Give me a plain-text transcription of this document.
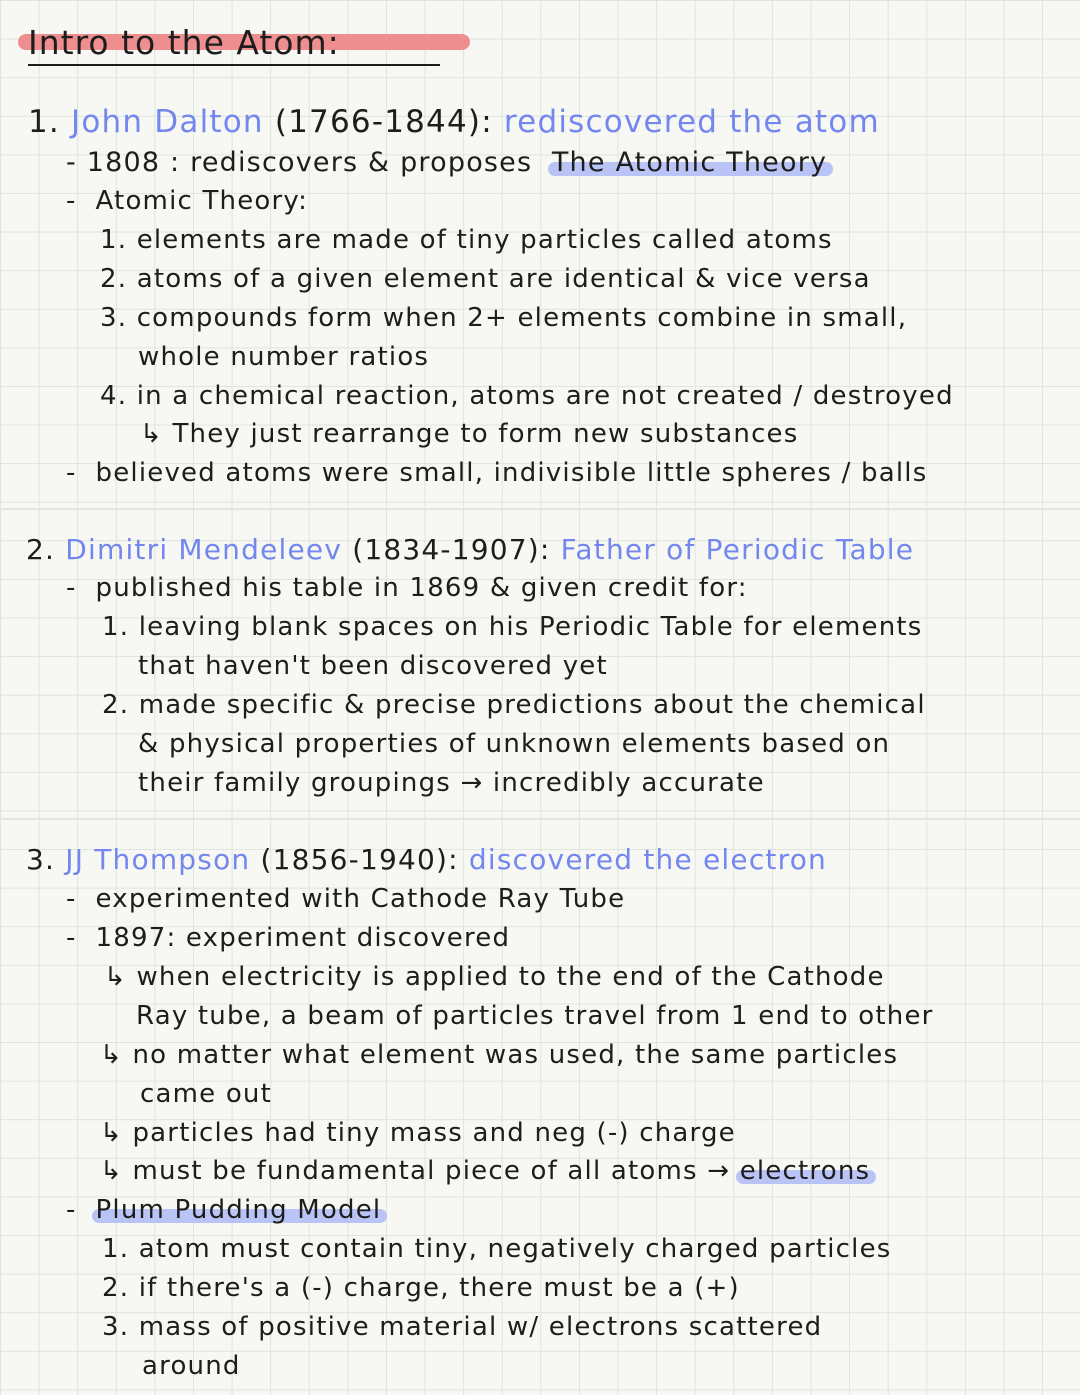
Intro to the Atom:
1. John Dalton (1766-1844): rediscovered the atom
- 1808 : rediscovers & proposes The Atomic Theory
- Atomic Theory:
1. elements are made of tiny particles called atoms
2. atoms of a given element are identical & vice versa
3. compounds form when 2+ elements combine in small,
whole number ratios
4. in a chemical reaction, atoms are not created / destroyed
↳ They just rearrange to form new substances
- believed atoms were small, indivisible little spheres / balls
2. Dimitri Mendeleev (1834-1907): Father of Periodic Table
- published his table in 1869 & given credit for:
1. leaving blank spaces on his Periodic Table for elements
that haven't been discovered yet
2. made specific & precise predictions about the chemical
& physical properties of unknown elements based on
their family groupings → incredibly accurate
3. JJ Thompson (1856-1940): discovered the electron
- experimented with Cathode Ray Tube
- 1897: experiment discovered
↳ when electricity is applied to the end of the Cathode
Ray tube, a beam of particles travel from 1 end to other
↳ no matter what element was used, the same particles
came out
↳ particles had tiny mass and neg (-) charge
↳ must be fundamental piece of all atoms → electrons
- Plum Pudding Model
1. atom must contain tiny, negatively charged particles
2. if there's a (-) charge, there must be a (+)
3. mass of positive material w/ electrons scattered
around
